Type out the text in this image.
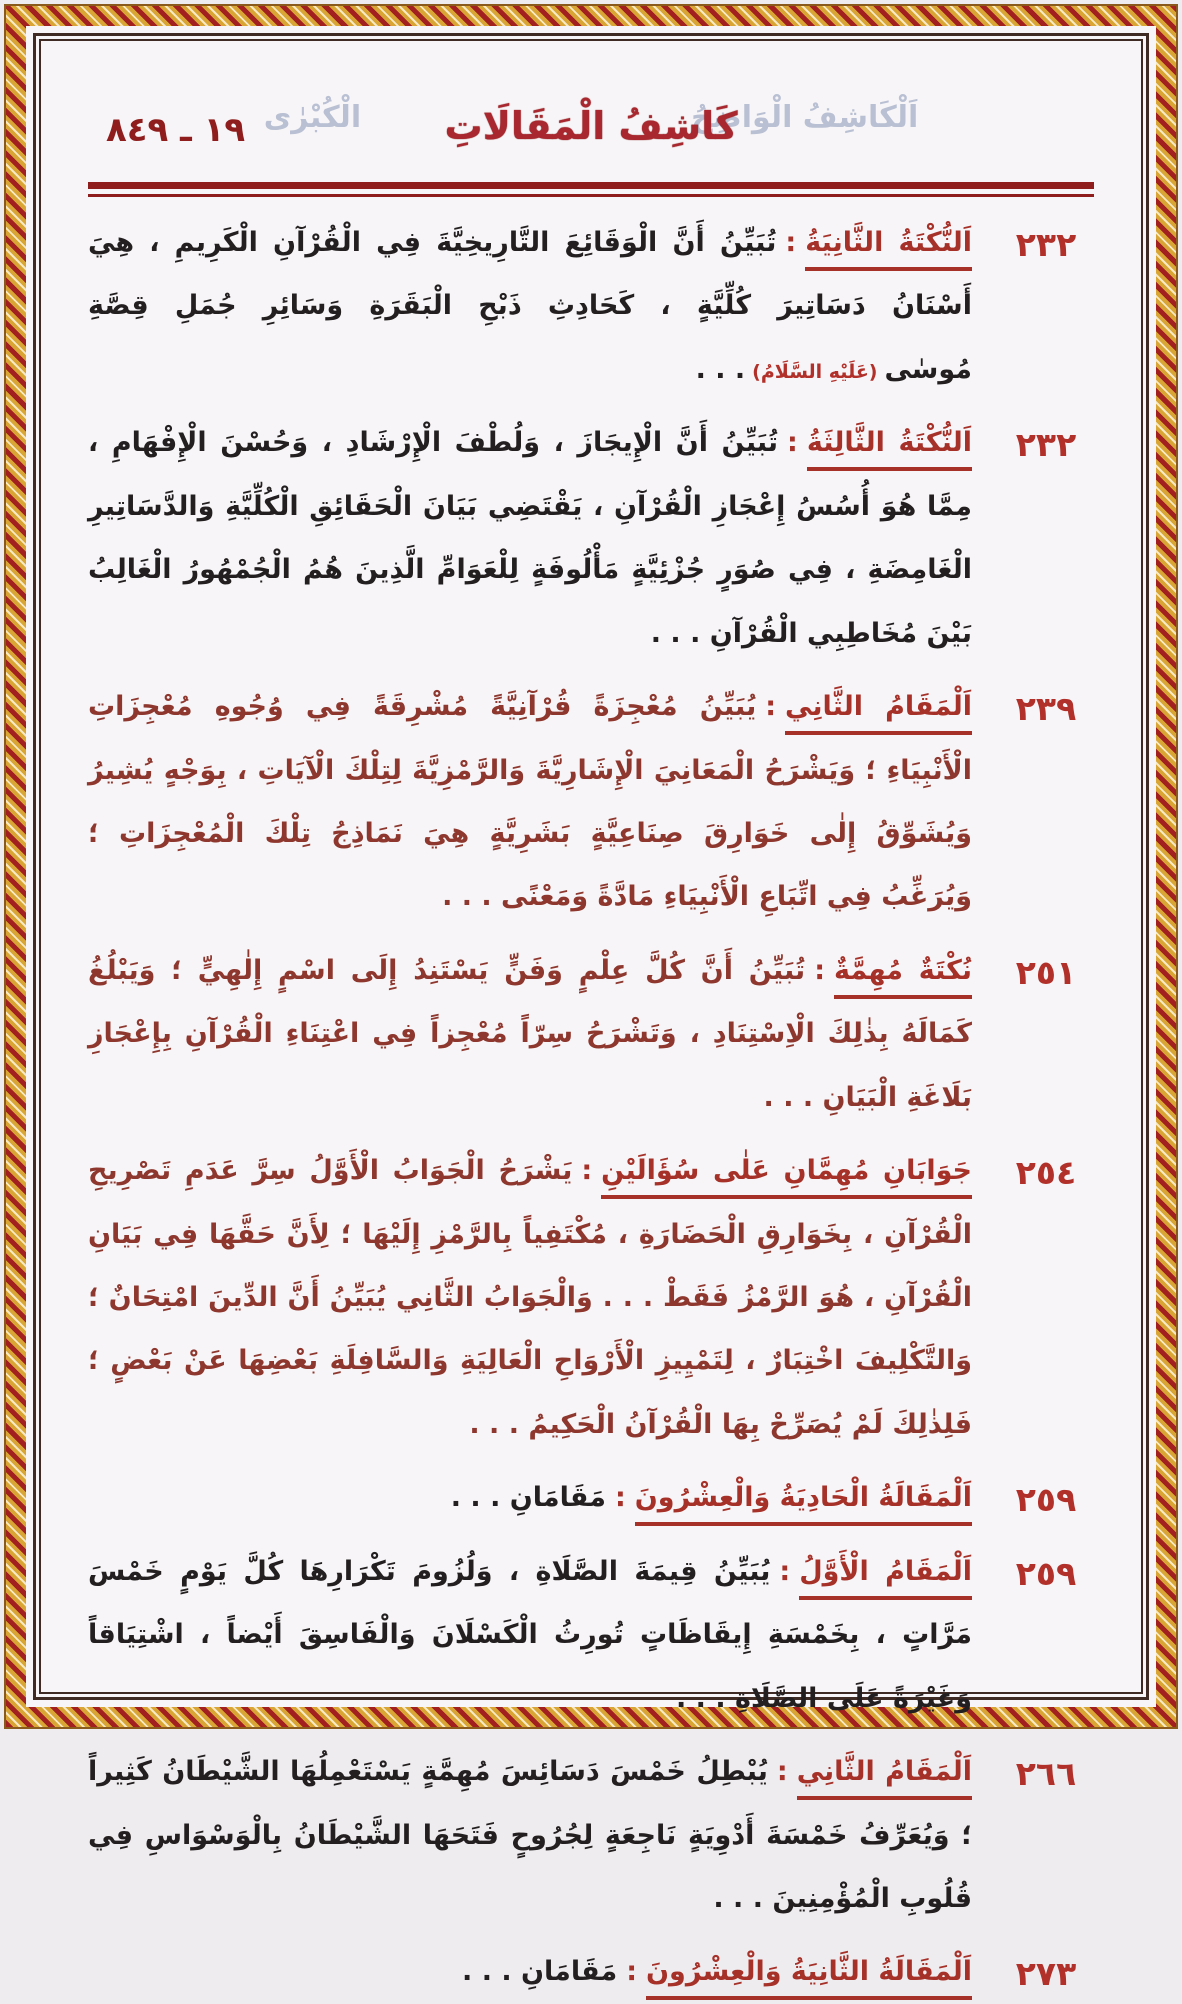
١٩ ـ ٨٤٩	اَلْكَاشِفُ الْوَاضِحُ
الْكُبْرٰى	كَاشِفُ الْمَقَالَاتِ
٢٣٢

اَلنُّكْتَةُ الثَّانِيَةُ:تُبَيِّنُ أَنَّ الْوَقَائِعَ التَّارِيخِيَّةَ فِي الْقُرْآنِ الْكَرِيمِ ، هِيَ أَسْنَانُ دَسَاتِيرَ كُلِّيَّةٍ ، كَحَادِثِ ذَبْحِ الْبَقَرَةِ وَسَائِرِ جُمَلِ قِصَّةِ مُوسٰى(عَلَيْهِ السَّلَامُ). . .

٢٣٢

اَلنُّكْتَةُ الثَّالِثَةُ:تُبَيِّنُ أَنَّ الْإِيجَازَ ، وَلُطْفَ الْإِرْشَادِ ، وَحُسْنَ الْإِفْهَامِ ، مِمَّا هُوَ أُسُسُ إِعْجَازِ الْقُرْآنِ ، يَقْتَضِي بَيَانَ الْحَقَائِقِ الْكُلِّيَّةِ وَالدَّسَاتِيرِ الْغَامِضَةِ ، فِي صُوَرٍ جُزْئِيَّةٍ مَأْلُوفَةٍ لِلْعَوَامِّ الَّذِينَ هُمُ الْجُمْهُورُ الْغَالِبُ بَيْنَ مُخَاطِبِي الْقُرْآنِ . . .

٢٣٩

اَلْمَقَامُ الثَّانِي:يُبَيِّنُ مُعْجِزَةً قُرْآنِيَّةً مُشْرِقَةً فِي وُجُوهِ مُعْجِزَاتِ الْأَنْبِيَاءِ ؛ وَيَشْرَحُ الْمَعَانِيَ الْإِشَارِيَّةَ وَالرَّمْزِيَّةَ لِتِلْكَ الْآيَاتِ ، بِوَجْهٍ يُشِيرُ وَيُشَوِّقُ إِلٰى خَوَارِقَ صِنَاعِيَّةٍ بَشَرِيَّةٍ هِيَ نَمَاذِجُ تِلْكَ الْمُعْجِزَاتِ ؛ وَيُرَغِّبُ فِي اتِّبَاعِ الْأَنْبِيَاءِ مَادَّةً وَمَعْنًى . . .

٢٥١

نُكْتَةٌ مُهِمَّةٌ:تُبَيِّنُ أَنَّ كُلَّ عِلْمٍ وَفَنٍّ يَسْتَنِدُ إِلَى اسْمٍ إِلٰهِيٍّ ؛ وَيَبْلُغُ كَمَالَهُ بِذٰلِكَ الْاِسْتِنَادِ ، وَتَشْرَحُ سِرّاً مُعْجِزاً فِي اعْتِنَاءِ الْقُرْآنِ بِإِعْجَازِ بَلَاغَةِ الْبَيَانِ . . .

٢٥٤

جَوَابَانِ مُهِمَّانِ عَلٰى سُؤَالَيْنِ:يَشْرَحُ الْجَوَابُ الْأَوَّلُ سِرَّ عَدَمِ تَصْرِيحِ الْقُرْآنِ ، بِخَوَارِقِ الْحَضَارَةِ ، مُكْتَفِياً بِالرَّمْزِ إِلَيْهَا ؛ لِأَنَّ حَقَّهَا فِي بَيَانِ الْقُرْآنِ ، هُوَ الرَّمْزُ فَقَطْ . . . وَالْجَوَابُ الثَّانِي يُبَيِّنُ أَنَّ الدِّينَ امْتِحَانٌ ؛ وَالتَّكْلِيفَ اخْتِبَارٌ ، لِتَمْيِيزِ الْأَرْوَاحِ الْعَالِيَةِ وَالسَّافِلَةِ بَعْضِهَا عَنْ بَعْضٍ ؛ فَلِذٰلِكَ لَمْ يُصَرِّحْ بِهَا الْقُرْآنُ الْحَكِيمُ . . .

٢٥٩

اَلْمَقَالَةُ الْحَادِيَةُ وَالْعِشْرُونَ:مَقَامَانِ . . .

٢٥٩

اَلْمَقَامُ الْأَوَّلُ:يُبَيِّنُ قِيمَةَ الصَّلَاةِ ، وَلُزُومَ تَكْرَارِهَا كُلَّ يَوْمٍ خَمْسَ مَرَّاتٍ ، بِخَمْسَةِ إِيقَاظَاتٍ تُورِثُ الْكَسْلَانَ وَالْفَاسِقَ أَيْضاً ، اشْتِيَاقاً وَغَيْرَةً عَلَى الصَّلَاةِ . . .

٢٦٦

اَلْمَقَامُ الثَّانِي:يُبْطِلُ خَمْسَ دَسَائِسَ مُهِمَّةٍ يَسْتَعْمِلُهَا الشَّيْطَانُ كَثِيراً ؛ وَيُعَرِّفُ خَمْسَةَ أَدْوِيَةٍ نَاجِعَةٍ لِجُرُوحٍ فَتَحَهَا الشَّيْطَانُ بِالْوَسْوَاسِ فِي قُلُوبِ الْمُؤْمِنِينَ . . .

٢٧٣

اَلْمَقَالَةُ الثَّانِيَةُ وَالْعِشْرُونَ:مَقَامَانِ . . .
